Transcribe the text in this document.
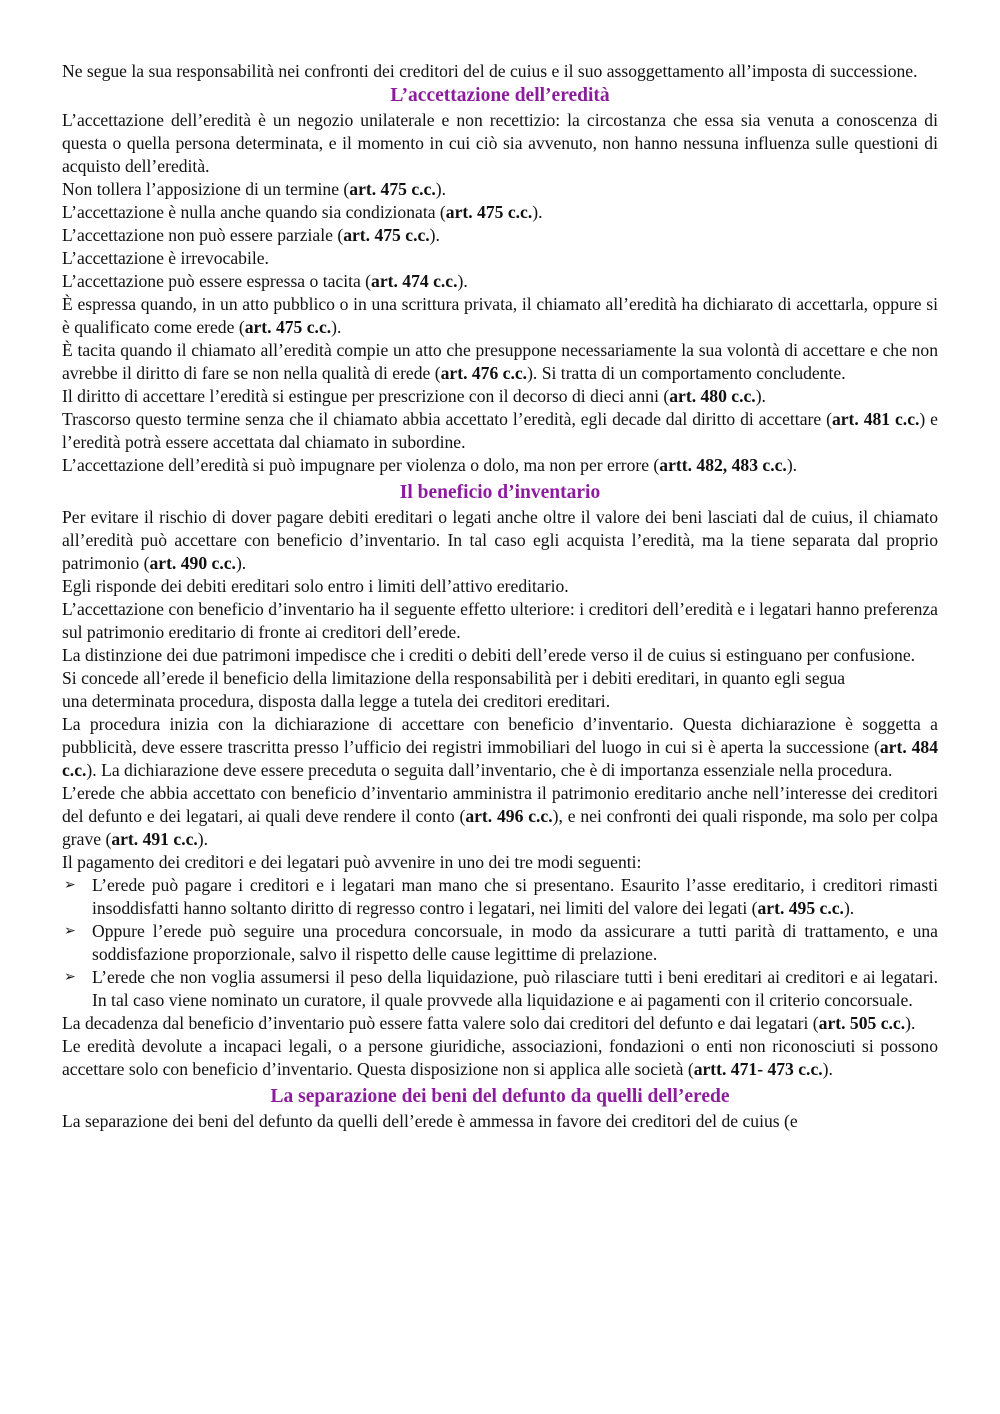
Ne segue la sua responsabilità nei confronti dei creditori del de cuius e il suo assoggettamento all’imposta di successione.

L’accettazione dell’eredità

L’accettazione dell’eredità è un negozio unilaterale e non recettizio: la circostanza che essa sia venuta a conoscenza di questa o quella persona determinata, e il momento in cui ciò sia avvenuto, non hanno nessuna influenza sulle questioni di acquisto dell’eredità.

Non tollera l’apposizione di un termine (art. 475 c.c.).

L’accettazione è nulla anche quando sia condizionata (art. 475 c.c.).

L’accettazione non può essere parziale (art. 475 c.c.).

L’accettazione è irrevocabile.

L’accettazione può essere espressa o tacita (art. 474 c.c.).

È espressa quando, in un atto pubblico o in una scrittura privata, il chiamato all’eredità ha dichiarato di accettarla, oppure si è qualificato come erede (art. 475 c.c.).

È tacita quando il chiamato all’eredità compie un atto che presuppone necessariamente la sua volontà di accettare e che non avrebbe il diritto di fare se non nella qualità di erede (art. 476 c.c.). Si tratta di un comportamento concludente.

Il diritto di accettare l’eredità si estingue per prescrizione con il decorso di dieci anni (art. 480 c.c.).

Trascorso questo termine senza che il chiamato abbia accettato l’eredità, egli decade dal diritto di accettare (art. 481 c.c.) e l’eredità potrà essere accettata dal chiamato in subordine.

L’accettazione dell’eredità si può impugnare per violenza o dolo, ma non per errore (artt. 482, 483 c.c.).

Il beneficio d’inventario

Per evitare il rischio di dover pagare debiti ereditari o legati anche oltre il valore dei beni lasciati dal de cuius, il chiamato all’eredità può accettare con beneficio d’inventario. In tal caso egli acquista l’eredità, ma la tiene separata dal proprio patrimonio (art. 490 c.c.).

Egli risponde dei debiti ereditari solo entro i limiti dell’attivo ereditario.

L’accettazione con beneficio d’inventario ha il seguente effetto ulteriore: i creditori dell’eredità e i legatari hanno preferenza sul patrimonio ereditario di fronte ai creditori dell’erede.

La distinzione dei due patrimoni impedisce che i crediti o debiti dell’erede verso il de cuius si estinguano per confusione.

Si concede all’erede il beneficio della limitazione della responsabilità per i debiti ereditari, in quanto egli segua

una determinata procedura, disposta dalla legge a tutela dei creditori ereditari.

La procedura inizia con la dichiarazione di accettare con beneficio d’inventario. Questa dichiarazione è soggetta a pubblicità, deve essere trascritta presso l’ufficio dei registri immobiliari del luogo in cui si è aperta la successione (art. 484 c.c.). La dichiarazione deve essere preceduta o seguita dall’inventario, che è di importanza essenziale nella procedura.

L’erede che abbia accettato con beneficio d’inventario amministra il patrimonio ereditario anche nell’interesse dei creditori del defunto e dei legatari, ai quali deve rendere il conto (art. 496 c.c.), e nei confronti dei quali risponde, ma solo per colpa grave (art. 491 c.c.).

Il pagamento dei creditori e dei legatari può avvenire in uno dei tre modi seguenti:

➢ L’erede può pagare i creditori e i legatari man mano che si presentano. Esaurito l’asse ereditario, i creditori rimasti insoddisfatti hanno soltanto diritto di regresso contro i legatari, nei limiti del valore dei legati (art. 495 c.c.).

➢ Oppure l’erede può seguire una procedura concorsuale, in modo da assicurare a tutti parità di trattamento, e una soddisfazione proporzionale, salvo il rispetto delle cause legittime di prelazione.

➢ L’erede che non voglia assumersi il peso della liquidazione, può rilasciare tutti i beni ereditari ai creditori e ai legatari. In tal caso viene nominato un curatore, il quale provvede alla liquidazione e ai pagamenti con il criterio concorsuale.

La decadenza dal beneficio d’inventario può essere fatta valere solo dai creditori del defunto e dai legatari (art. 505 c.c.).

Le eredità devolute a incapaci legali, o a persone giuridiche, associazioni, fondazioni o enti non riconosciuti si possono accettare solo con beneficio d’inventario. Questa disposizione non si applica alle società (artt. 471- 473 c.c.).

La separazione dei beni del defunto da quelli dell’erede

La separazione dei beni del defunto da quelli dell’erede è ammessa in favore dei creditori del de cuius (e
